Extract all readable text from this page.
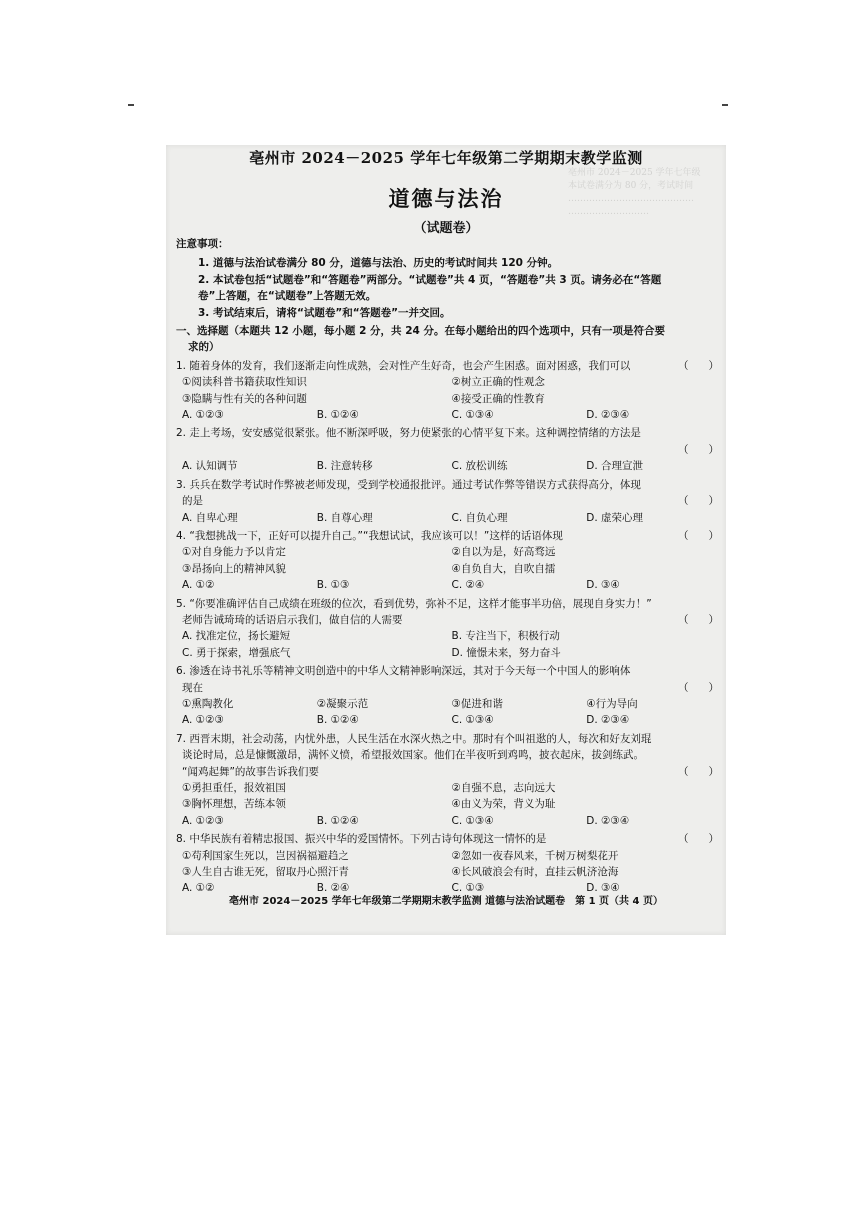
亳州市 2024－2025 学年七年级
本试卷满分为 80 分，考试时间
……………………………………
………………………
亳州市 2024－2025 学年七年级第二学期期末教学监测
道德与法治
（试题卷）
注意事项：
1. 道德与法治试卷满分 80 分，道德与法治、历史的考试时间共 120 分钟。
2. 本试卷包括“试题卷”和“答题卷”两部分。“试题卷”共 4 页，“答题卷”共 3 页。请务必在“答题
卷”上答题，在“试题卷”上答题无效。
3. 考试结束后，请将“试题卷”和“答题卷”一并交回。
一、选择题（本题共 12 小题，每小题 2 分，共 24 分。在每小题给出的四个选项中，只有一项是符合要
求的）
1. 随着身体的发育，我们逐渐走向性成熟，会对性产生好奇，也会产生困惑。面对困惑，我们可以	（      ）
①阅读科普书籍获取性知识	②树立正确的性观念
③隐瞒与性有关的各种问题	④接受正确的性教育
A. ①②③	B. ①②④	C. ①③④	D. ②③④
2. 走上考场，安安感觉很紧张。他不断深呼吸，努力使紧张的心情平复下来。这种调控情绪的方法是
（      ）
A. 认知调节	B. 注意转移	C. 放松训练	D. 合理宣泄
3. 兵兵在数学考试时作弊被老师发现，受到学校通报批评。通过考试作弊等错误方式获得高分，体现
的是	（      ）
A. 自卑心理	B. 自尊心理	C. 自负心理	D. 虚荣心理
4. “我想挑战一下，正好可以提升自己。”“我想试试，我应该可以！”这样的话语体现	（      ）
①对自身能力予以肯定	②自以为是，好高骛远
③昂扬向上的精神风貌	④自负自大，自吹自擂
A. ①②	B. ①③	C. ②④	D. ③④
5. “你要准确评估自己成绩在班级的位次，看到优势，弥补不足，这样才能事半功倍，展现自身实力！”
老师告诫琦琦的话语启示我们，做自信的人需要	（      ）
A. 找准定位，扬长避短	B. 专注当下，积极行动
C. 勇于探索，增强底气	D. 憧憬未来，努力奋斗
6. 渗透在诗书礼乐等精神文明创造中的中华人文精神影响深远，其对于今天每一个中国人的影响体
现在	（      ）
①熏陶教化	②凝聚示范	③促进和谐	④行为导向
A. ①②③	B. ①②④	C. ①③④	D. ②③④
7. 西晋末期，社会动荡，内忧外患，人民生活在水深火热之中。那时有个叫祖逖的人，每次和好友刘琨
谈论时局，总是慷慨激昂，满怀义愤，希望报效国家。他们在半夜听到鸡鸣，披衣起床，拔剑练武。
“闻鸡起舞”的故事告诉我们要	（      ）
①勇担重任，报效祖国	②自强不息，志向远大
③胸怀理想，苦练本领	④由义为荣，背义为耻
A. ①②③	B. ①②④	C. ①③④	D. ②③④
8. 中华民族有着精忠报国、振兴中华的爱国情怀。下列古诗句体现这一情怀的是	（      ）
①苟利国家生死以，岂因祸福避趋之	②忽如一夜春风来，千树万树梨花开
③人生自古谁无死，留取丹心照汗青	④长风破浪会有时，直挂云帆济沧海
A. ①②	B. ②④	C. ①③	D. ③④
亳州市 2024－2025 学年七年级第二学期期末教学监测 道德与法治试题卷　第 1 页（共 4 页）
